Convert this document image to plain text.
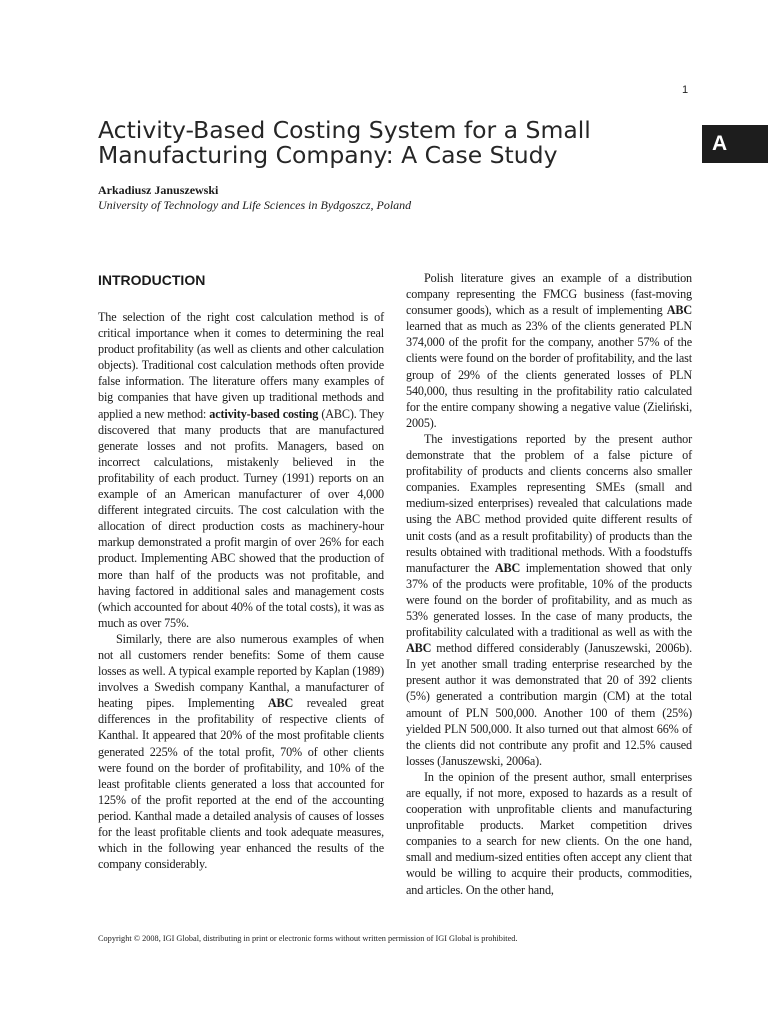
1
A
Activity-Based Costing System for a Small Manufacturing Company: A Case Study

Arkadiusz Januszewski

University of Technology and Life Sciences in Bydgoszcz, Poland

INTRODUCTION

The selection of the right cost calculation method is of critical importance when it comes to determining the real product profitability (as well as clients and other calculation objects). Traditional cost calculation methods often provide false information. The literature offers many examples of big companies that have given up traditional methods and applied a new method: activity-based costing (ABC). They discovered that many products that are manufactured generate losses and not profits. Managers, based on incorrect calculations, mistakenly believed in the profitability of each product. Turney (1991) reports on an example of an American manufacturer of over 4,000 different integrated circuits. The cost calculation with the allocation of direct production costs as machinery-hour markup demonstrated a profit margin of over 26% for each product. Implementing ABC showed that the production of more than half of the products was not profitable, and having factored in additional sales and management costs (which accounted for about 40% of the total costs), it was as much as over 75%.

Similarly, there are also numerous examples of when not all customers render benefits: Some of them cause losses as well. A typical example reported by Kaplan (1989) involves a Swedish company Kanthal, a manufacturer of heating pipes. Implementing ABC revealed great differences in the profitability of respective clients of Kanthal. It appeared that 20% of the most profitable clients generated 225% of the total profit, 70% of other clients were found on the border of profitability, and 10% of the least profitable clients generated a loss that accounted for 125% of the profit reported at the end of the accounting period. Kanthal made a detailed analysis of causes of losses for the least profitable clients and took adequate measures, which in the following year enhanced the results of the company considerably.

Polish literature gives an example of a distribution company representing the FMCG business (fast-moving consumer goods), which as a result of implementing ABC learned that as much as 23% of the clients generated PLN 374,000 of the profit for the company, another 57% of the clients were found on the border of profitability, and the last group of 29% of the clients generated losses of PLN 540,000, thus resulting in the profitability ratio calculated for the entire company showing a negative value (Zieliński, 2005).

The investigations reported by the present author demonstrate that the problem of a false picture of profitability of products and clients concerns also smaller companies. Examples representing SMEs (small and medium-sized enterprises) revealed that calculations made using the ABC method provided quite different results of unit costs (and as a result profitability) of products than the results obtained with traditional methods. With a foodstuffs manufacturer the ABC implementation showed that only 37% of the products were profitable, 10% of the products were found on the border of profitability, and as much as 53% generated losses. In the case of many products, the profitability calculated with a traditional as well as with the ABC method differed considerably (Januszewski, 2006b). In yet another small trading enterprise researched by the present author it was demonstrated that 20 of 392 clients (5%) generated a contribution margin (CM) at the total amount of PLN 500,000. Another 100 of them (25%) yielded PLN 500,000. It also turned out that almost 66% of the clients did not contribute any profit and 12.5% caused losses (Januszewski, 2006a).

In the opinion of the present author, small enterprises are equally, if not more, exposed to hazards as a result of cooperation with unprofitable clients and manufacturing unprofitable products. Market competition drives companies to a search for new clients. On the one hand, small and medium-sized entities often accept any client that would be willing to acquire their products, commodities, and articles. On the other hand,

Copyright © 2008, IGI Global, distributing in print or electronic forms without written permission of IGI Global is prohibited.
